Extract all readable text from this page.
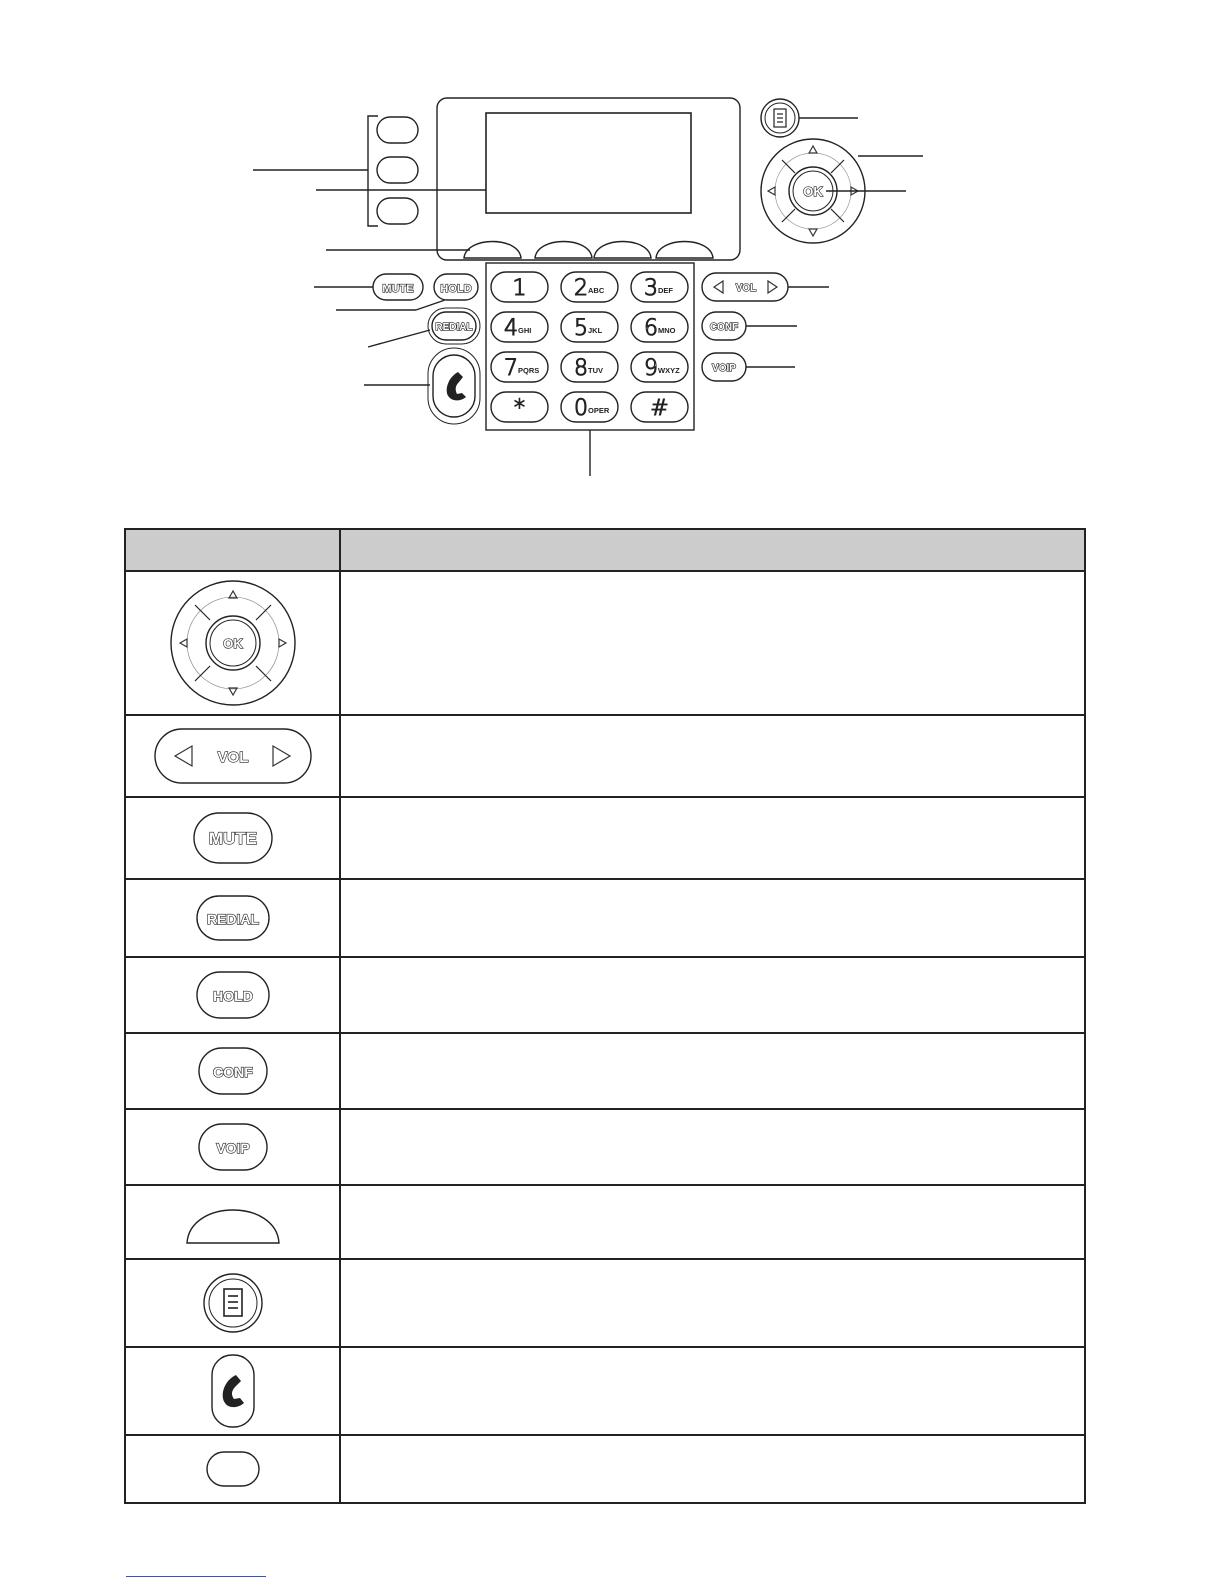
OK
MUTE HOLD
REDIAL
1 2 ABC 3 DEF
4 GHI 5 JKL 6 MNO
7 PQRS 8 TUV 9 WXYZ
* 0 OPER #
VOL
CONF
VOIP

OK	

VOL	

MUTE	

REDIAL	

HOLD	

CONF	

VOIP	
